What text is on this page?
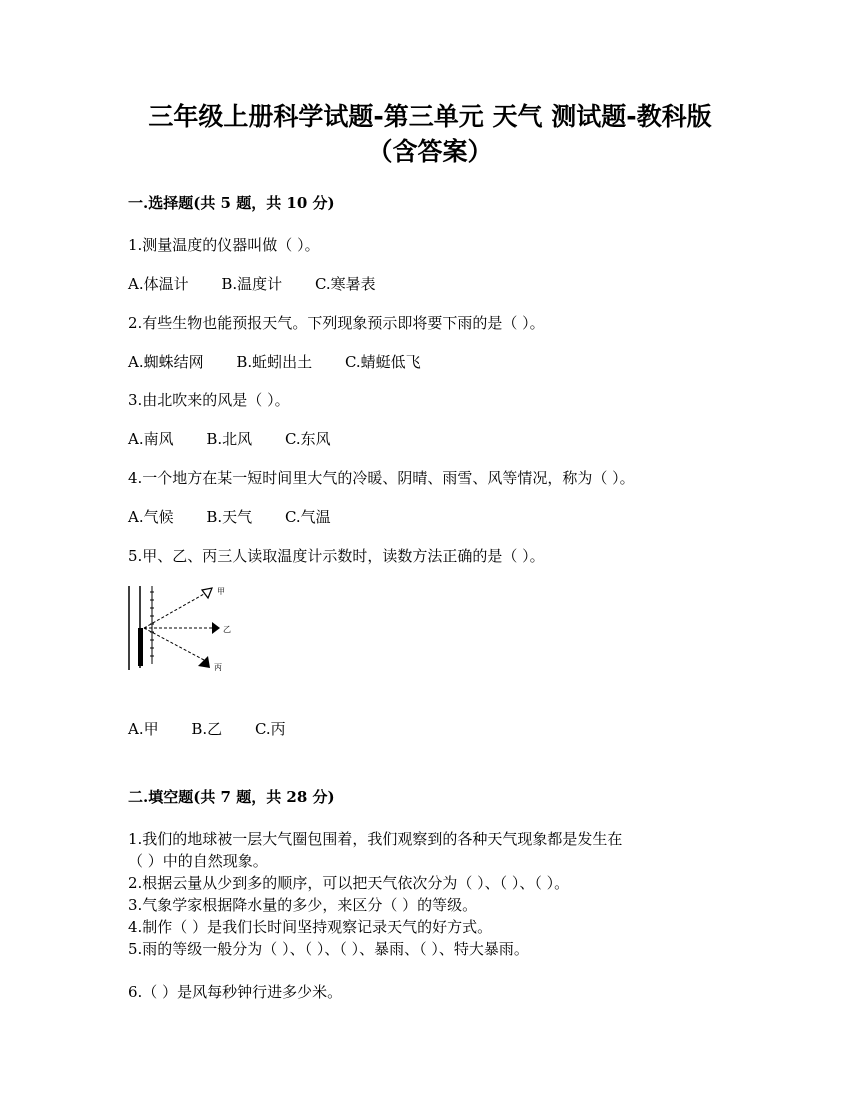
三年级上册科学试题-第三单元 天气 测试题-教科版
（含答案）
一.选择题(共 5 题，共 10 分)
1.测量温度的仪器叫做（ ）。
A.体温计 B.温度计 C.寒暑表
2.有些生物也能预报天气。下列现象预示即将要下雨的是（ ）。
A.蜘蛛结网 B.蚯蚓出土 C.蜻蜓低飞
3.由北吹来的风是（ ）。
A.南风 B.北风 C.东风
4.一个地方在某一短时间里大气的冷暖、阴晴、雨雪、风等情况，称为（ ）。
A.气候 B.天气 C.气温
5.甲、乙、丙三人读取温度计示数时，读数方法正确的是（ ）。
甲
乙
丙
A.甲 B.乙 C.丙
二.填空题(共 7 题，共 28 分)
1.我们的地球被一层大气圈包围着，我们观察到的各种天气现象都是发生在
（ ）中的自然现象。
2.根据云量从少到多的顺序，可以把天气依次分为（ ）、（ ）、（ ）。
3.气象学家根据降水量的多少，来区分（ ）的等级。
4.制作（ ）是我们长时间坚持观察记录天气的好方式。
5.雨的等级一般分为（ ）、（ ）、（ ）、暴雨、（ ）、特大暴雨。
6.（ ）是风每秒钟行进多少米。
